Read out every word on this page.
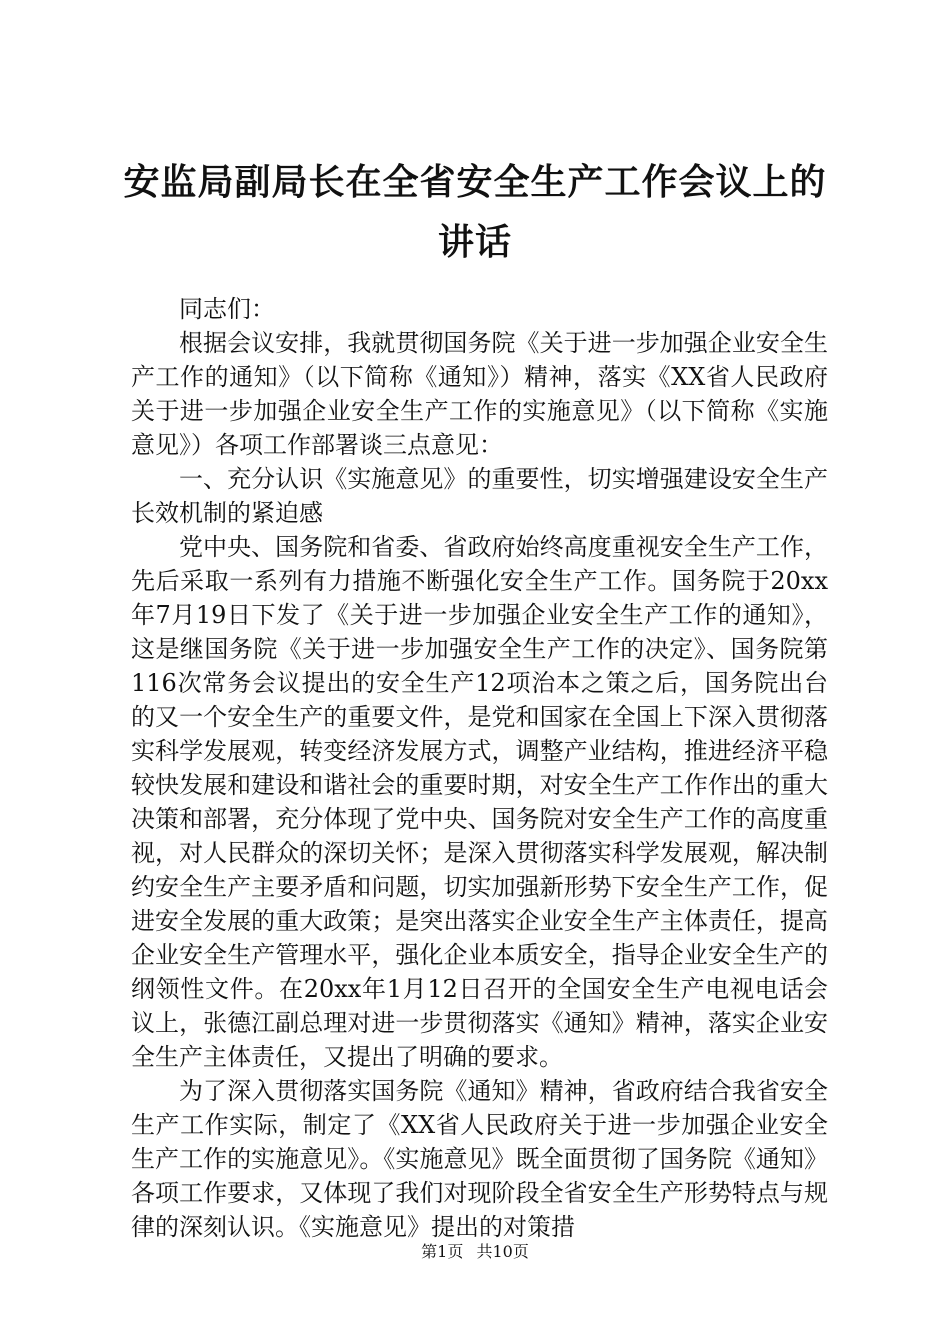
安监局副局长在全省安全生产工作会议上的讲话

同志们：

根据会议安排，我就贯彻国务院《关于进一步加强企业安全生产工作的通知》（以下简称《通知》）精神，落实《XX省人民政府关于进一步加强企业安全生产工作的实施意见》（以下简称《实施意见》）各项工作部署谈三点意见：

一、充分认识《实施意见》的重要性，切实增强建设安全生产长效机制的紧迫感

党中央、国务院和省委、省政府始终高度重视安全生产工作，先后采取一系列有力措施不断强化安全生产工作。国务院于20xx年7月19日下发了《关于进一步加强企业安全生产工作的通知》，这是继国务院《关于进一步加强安全生产工作的决定》、国务院第116次常务会议提出的安全生产12项治本之策之后，国务院出台的又一个安全生产的重要文件，是党和国家在全国上下深入贯彻落实科学发展观，转变经济发展方式，调整产业结构，推进经济平稳较快发展和建设和谐社会的重要时期，对安全生产工作作出的重大决策和部署，充分体现了党中央、国务院对安全生产工作的高度重视，对人民群众的深切关怀；是深入贯彻落实科学发展观，解决制约安全生产主要矛盾和问题，切实加强新形势下安全生产工作，促进安全发展的重大政策；是突出落实企业安全生产主体责任，提高企业安全生产管理水平，强化企业本质安全，指导企业安全生产的纲领性文件。在20xx年1月12日召开的全国安全生产电视电话会议上，张德江副总理对进一步贯彻落实《通知》精神，落实企业安全生产主体责任，又提出了明确的要求。

为了深入贯彻落实国务院《通知》精神，省政府结合我省安全生产工作实际，制定了《XX省人民政府关于进一步加强企业安全生产工作的实施意见》。《实施意见》既全面贯彻了国务院《通知》各项工作要求，又体现了我们对现阶段全省安全生产形势特点与规律的深刻认识。《实施意见》提出的对策措

第1页 共10页
